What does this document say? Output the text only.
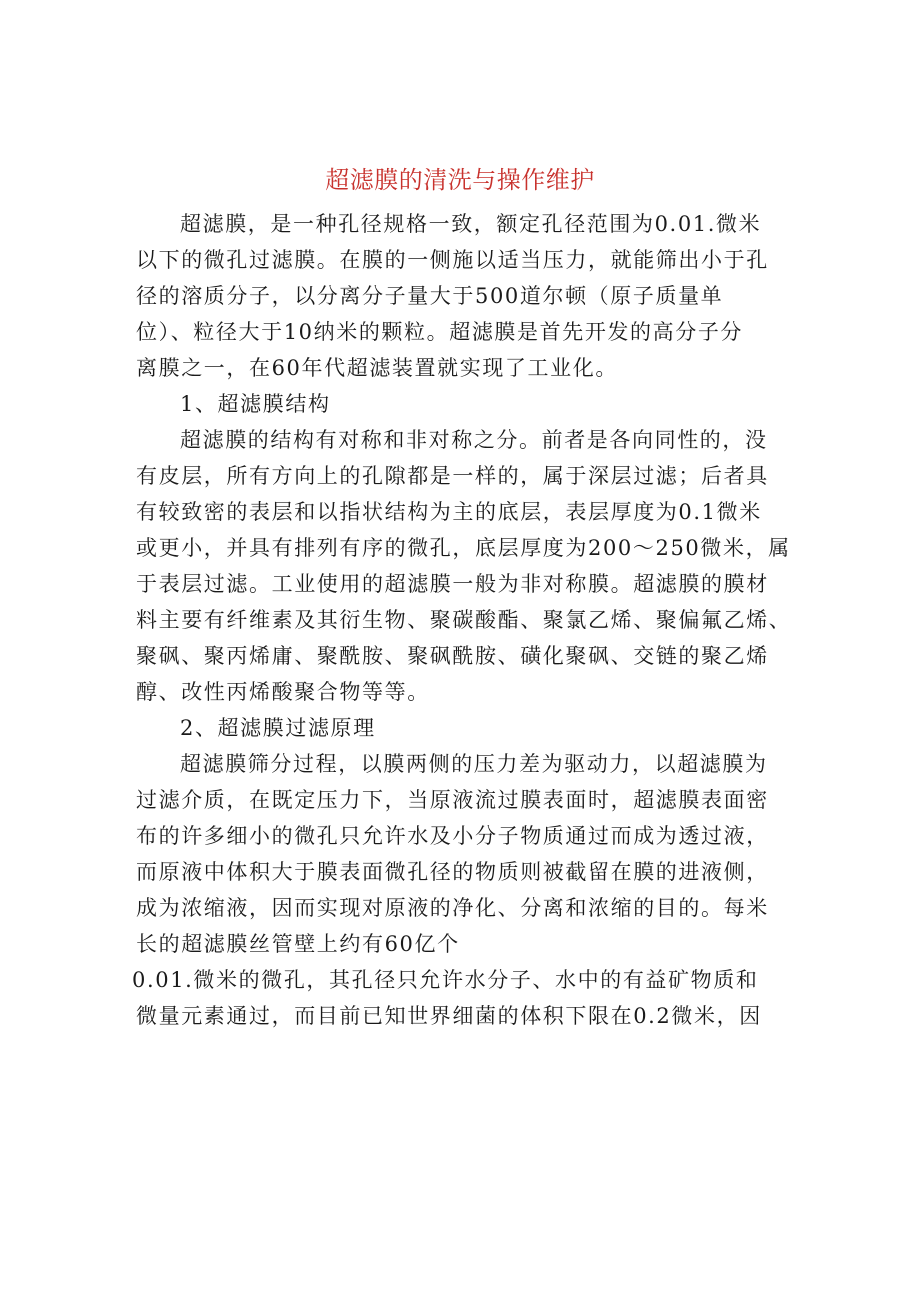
超滤膜的清洗与操作维护
超滤膜，是一种孔径规格一致，额定孔径范围为0.01.微米
以下的微孔过滤膜。在膜的一侧施以适当压力，就能筛出小于孔
径的溶质分子，以分离分子量大于500道尔顿（原子质量单
位）、粒径大于10纳米的颗粒。超滤膜是首先开发的高分子分
离膜之一，在60年代超滤装置就实现了工业化。
1、超滤膜结构
超滤膜的结构有对称和非对称之分。前者是各向同性的，没
有皮层，所有方向上的孔隙都是一样的，属于深层过滤；后者具
有较致密的表层和以指状结构为主的底层，表层厚度为0.1微米
或更小，并具有排列有序的微孔，底层厚度为200～250微米，属
于表层过滤。工业使用的超滤膜一般为非对称膜。超滤膜的膜材
料主要有纤维素及其衍生物、聚碳酸酯、聚氯乙烯、聚偏氟乙烯、
聚砜、聚丙烯庸、聚酰胺、聚砜酰胺、磺化聚砜、交链的聚乙烯
醇、改性丙烯酸聚合物等等。
2、超滤膜过滤原理
超滤膜筛分过程，以膜两侧的压力差为驱动力，以超滤膜为
过滤介质，在既定压力下，当原液流过膜表面时，超滤膜表面密
布的许多细小的微孔只允许水及小分子物质通过而成为透过液，
而原液中体积大于膜表面微孔径的物质则被截留在膜的进液侧，
成为浓缩液，因而实现对原液的净化、分离和浓缩的目的。每米
长的超滤膜丝管壁上约有60亿个
0.01.微米的微孔，其孔径只允许水分子、水中的有益矿物质和
微量元素通过，而目前已知世界细菌的体积下限在0.2微米，因
